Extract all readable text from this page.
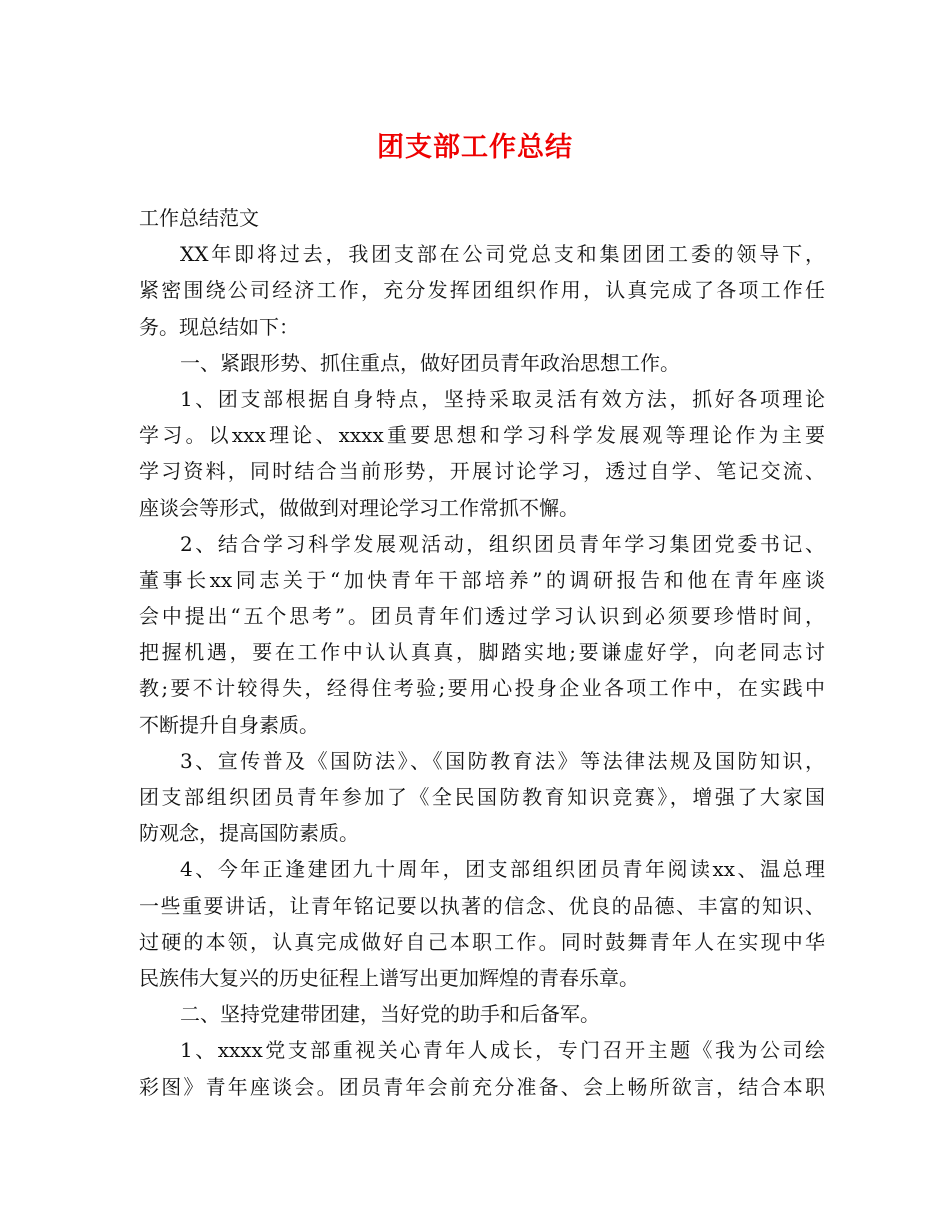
团支部工作总结
工作总结范文
XX年即将过去，我团支部在公司党总支和集团团工委的领导下，
紧密围绕公司经济工作，充分发挥团组织作用，认真完成了各项工作任
务。现总结如下：
一、紧跟形势、抓住重点，做好团员青年政治思想工作。
1、团支部根据自身特点，坚持采取灵活有效方法，抓好各项理论
学习。以xxx理论、xxxx重要思想和学习科学发展观等理论作为主要
学习资料，同时结合当前形势，开展讨论学习，透过自学、笔记交流、
座谈会等形式，做做到对理论学习工作常抓不懈。
2、结合学习科学发展观活动，组织团员青年学习集团党委书记、
董事长xx同志关于“加快青年干部培养”的调研报告和他在青年座谈
会中提出“五个思考”。团员青年们透过学习认识到必须要珍惜时间，
把握机遇，要在工作中认认真真，脚踏实地;要谦虚好学，向老同志讨
教;要不计较得失，经得住考验;要用心投身企业各项工作中，在实践中
不断提升自身素质。
3、宣传普及《国防法》、《国防教育法》等法律法规及国防知识，
团支部组织团员青年参加了《全民国防教育知识竞赛》，增强了大家国
防观念，提高国防素质。
4、今年正逢建团九十周年，团支部组织团员青年阅读xx、温总理
一些重要讲话，让青年铭记要以执著的信念、优良的品德、丰富的知识、
过硬的本领，认真完成做好自己本职工作。同时鼓舞青年人在实现中华
民族伟大复兴的历史征程上谱写出更加辉煌的青春乐章。
二、坚持党建带团建，当好党的助手和后备军。
1、xxxx党支部重视关心青年人成长，专门召开主题《我为公司绘
彩图》青年座谈会。团员青年会前充分准备、会上畅所欲言，结合本职
